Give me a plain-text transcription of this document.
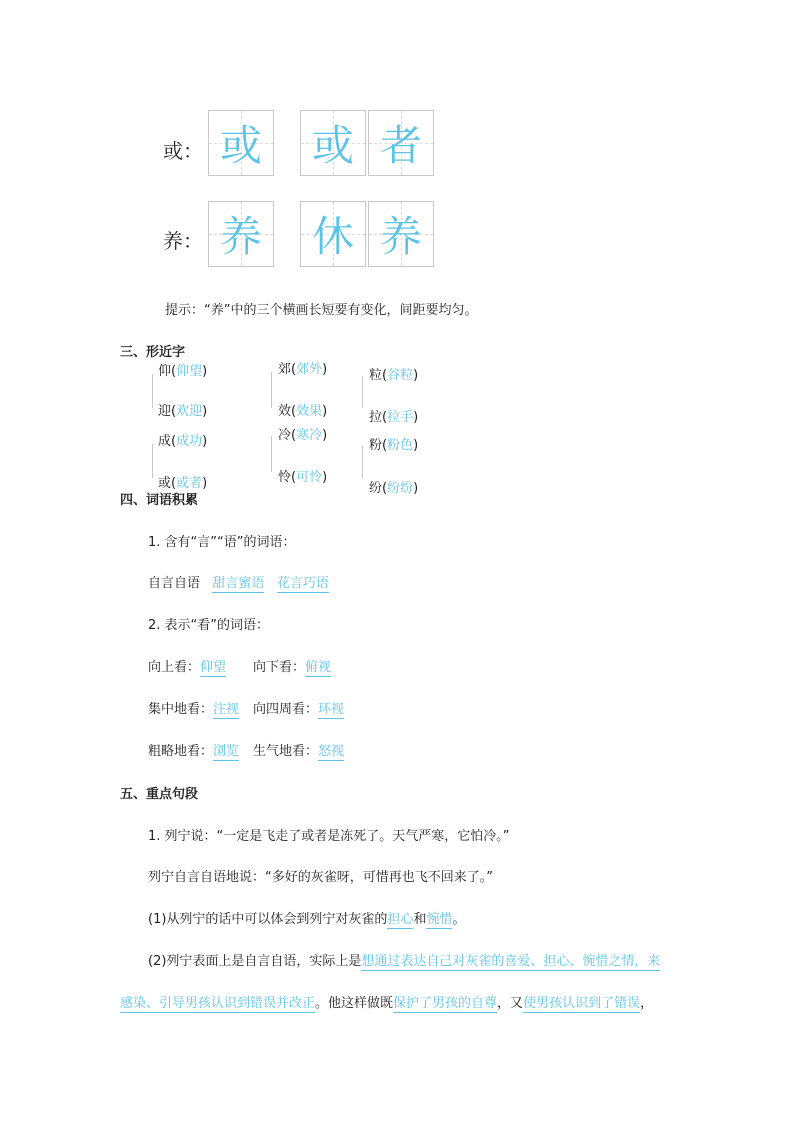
或： 或 或 者
养： 养 休 养
提示：“养”中的三个横画长短要有变化，间距要均匀。
三、形近字
仰(仰望)
迎(欢迎)
成(成功)
或(或者)
郊(郊外)
效(效果)
冷(寒冷)
怜(可怜)
粒(谷粒)
拉(拉手)
粉(粉色)
纷(纷纷)
四、词语积累
1. 含有“言”“语”的词语：
自言自语 甜言蜜语 花言巧语
2. 表示“看”的词语：
向上看：仰望 向下看：俯视
集中地看：注视 向四周看：环视
粗略地看：浏览 生气地看：怒视
五、重点句段
1. 列宁说：“一定是飞走了或者是冻死了。天气严寒，它怕冷。”
列宁自言自语地说：“多好的灰雀呀，可惜再也飞不回来了。”
(1)从列宁的话中可以体会到列宁对灰雀的担心和惋惜。
(2)列宁表面上是自言自语，实际上是想通过表达自己对灰雀的喜爱、担心、惋惜之情，来
感染、引导男孩认识到错误并改正。他这样做既保护了男孩的自尊，又使男孩认识到了错误，
